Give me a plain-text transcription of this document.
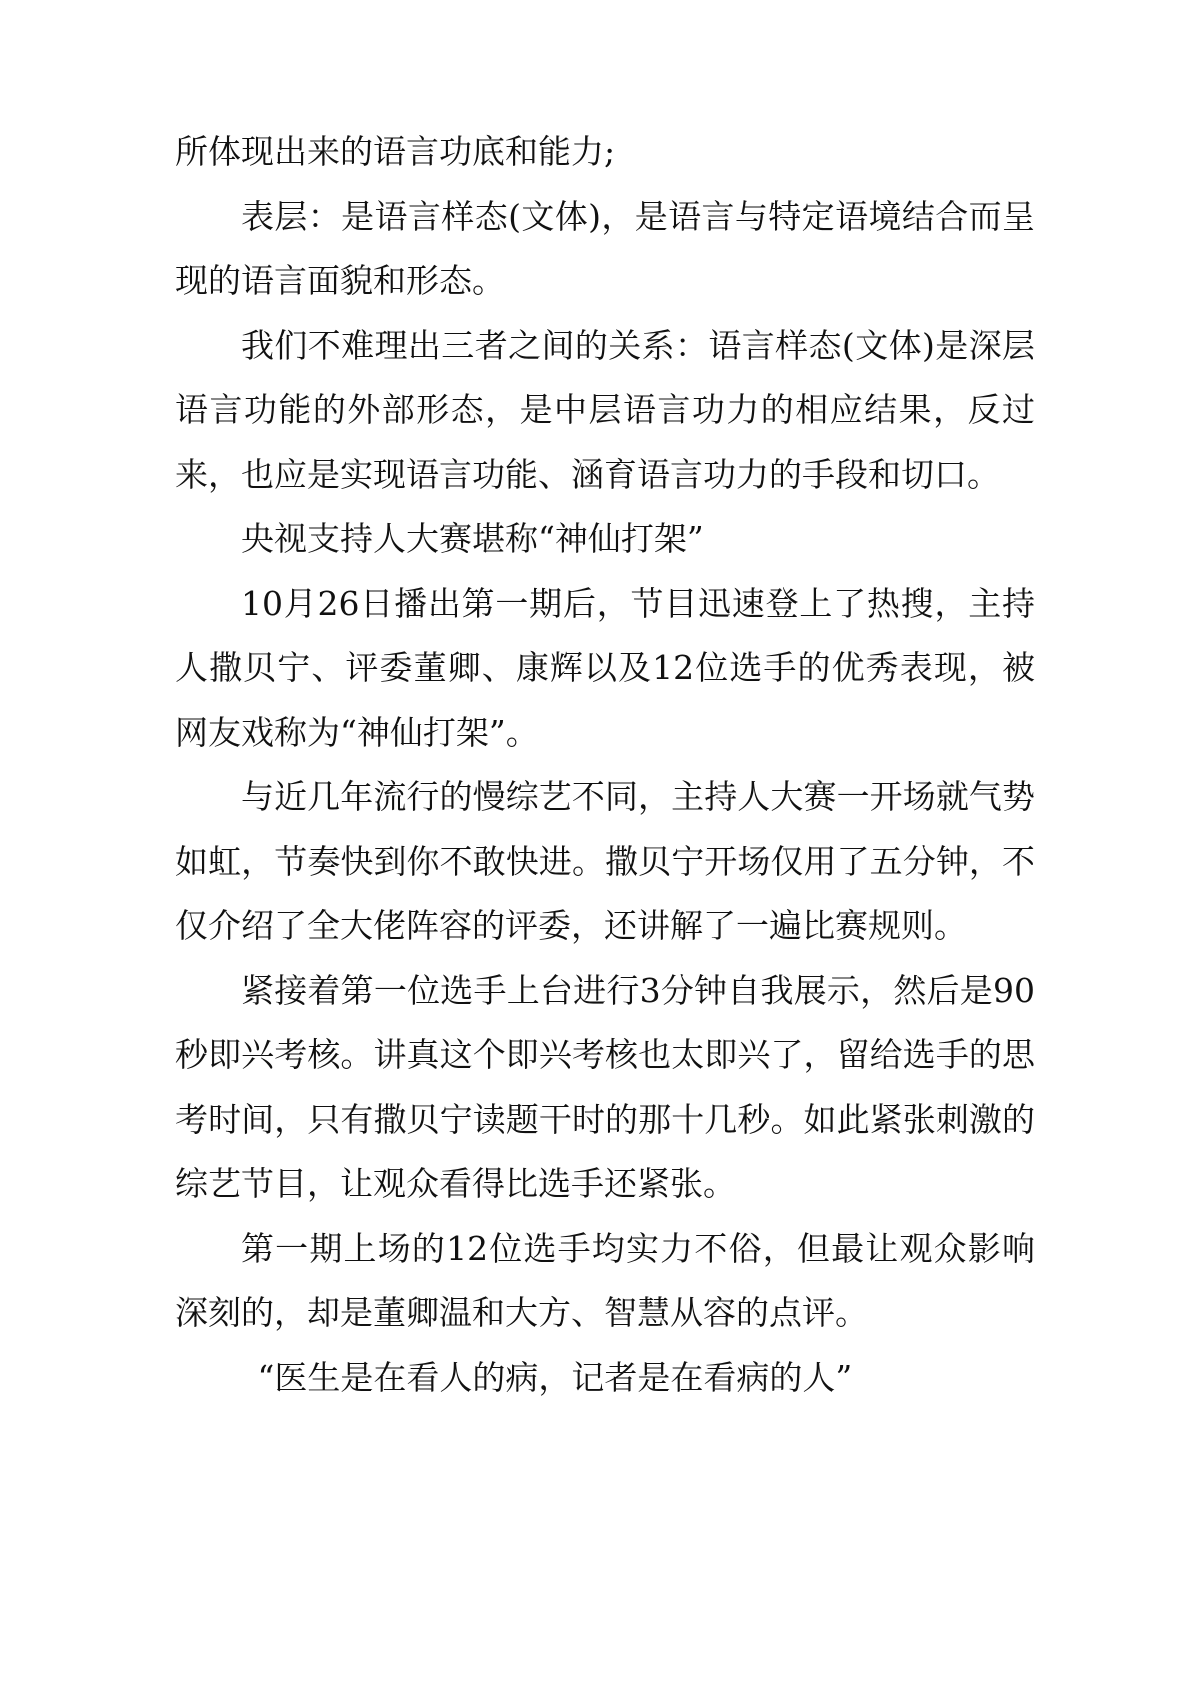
所体现出来的语言功底和能力;

表层：是语言样态(文体)，是语言与特定语境结合而呈现的语言面貌和形态。

我们不难理出三者之间的关系：语言样态(文体)是深层语言功能的外部形态，是中层语言功力的相应结果，反过来，也应是实现语言功能、涵育语言功力的手段和切口。

央视支持人大赛堪称“神仙打架”

10月26日播出第一期后，节目迅速登上了热搜，主持人撒贝宁、评委董卿、康辉以及12位选手的优秀表现，被网友戏称为“神仙打架”。

与近几年流行的慢综艺不同，主持人大赛一开场就气势如虹，节奏快到你不敢快进。撒贝宁开场仅用了五分钟，不仅介绍了全大佬阵容的评委，还讲解了一遍比赛规则。

紧接着第一位选手上台进行3分钟自我展示，然后是90秒即兴考核。讲真这个即兴考核也太即兴了，留给选手的思考时间，只有撒贝宁读题干时的那十几秒。如此紧张刺激的综艺节目，让观众看得比选手还紧张。

第一期上场的12位选手均实力不俗，但最让观众影响深刻的，却是董卿温和大方、智慧从容的点评。

“医生是在看人的病，记者是在看病的人”
